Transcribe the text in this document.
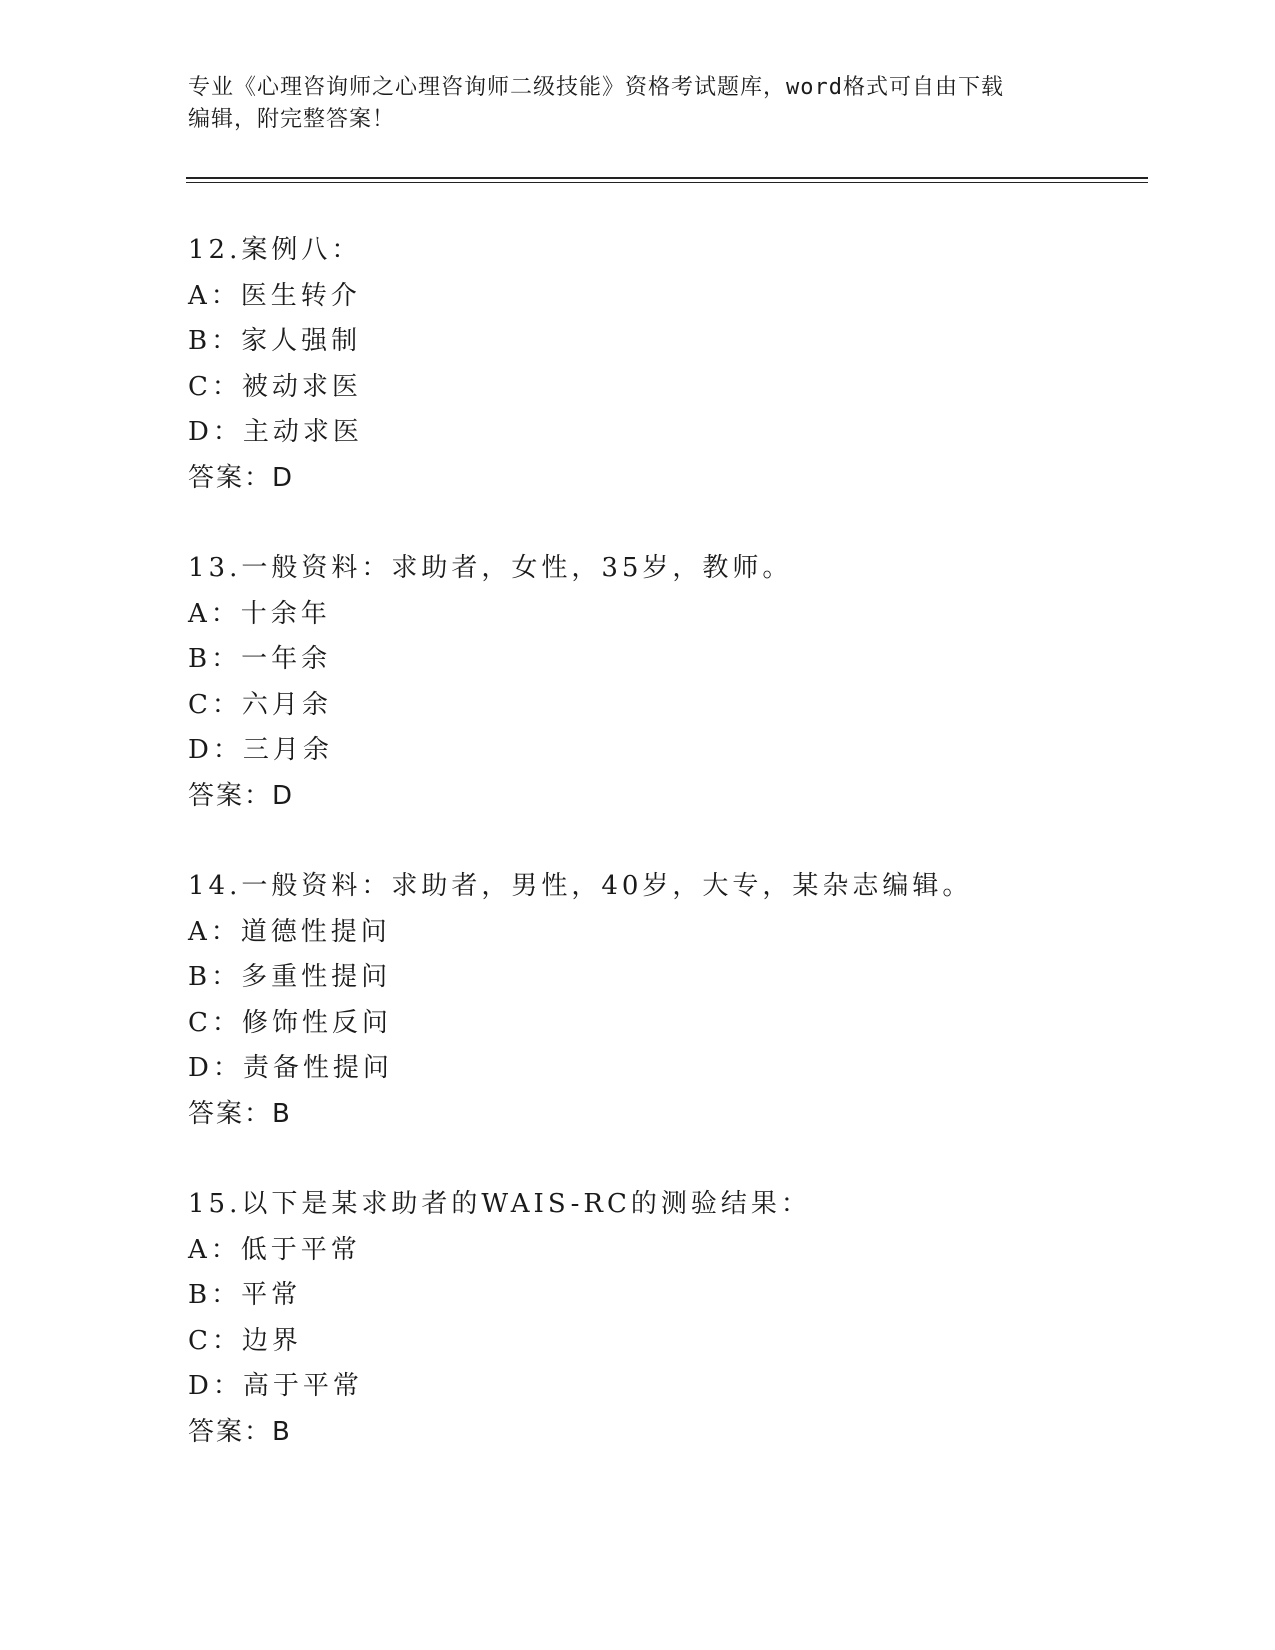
专业《心理咨询师之心理咨询师二级技能》资格考试题库，word格式可自由下载
编辑，附完整答案！
12.案例八：
A：医生转介
B：家人强制
C：被动求医
D：主动求医
答案：D
13.一般资料：求助者，女性，35岁，教师。
A：十余年
B：一年余
C：六月余
D：三月余
答案：D
14.一般资料：求助者，男性，40岁，大专，某杂志编辑。
A：道德性提问
B：多重性提问
C：修饰性反问
D：责备性提问
答案：B
15.以下是某求助者的WAIS-RC的测验结果：
A：低于平常
B：平常
C：边界
D：高于平常
答案：B
